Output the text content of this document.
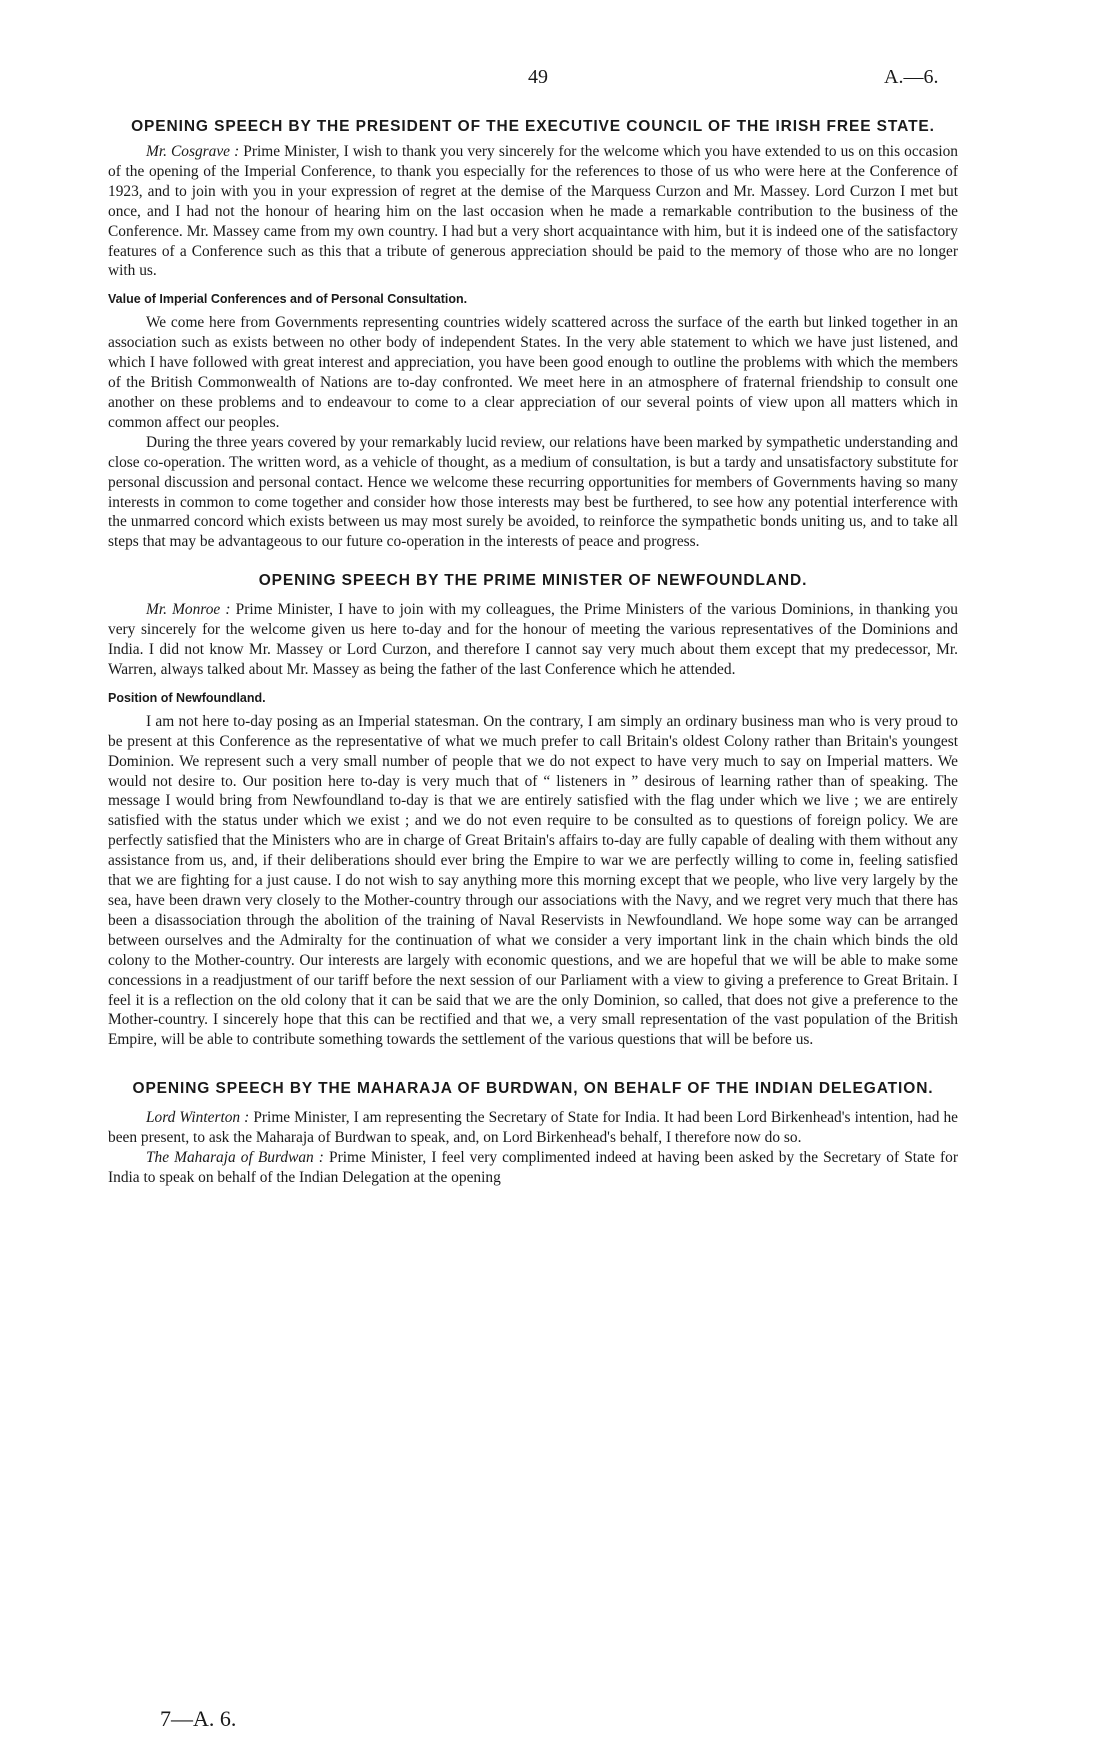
49	A.—6.
OPENING SPEECH BY THE PRESIDENT OF THE EXECUTIVE COUNCIL OF THE IRISH FREE STATE.

Mr. Cosgrave : Prime Minister, I wish to thank you very sincerely for the welcome which you have extended to us on this occasion of the opening of the Imperial Conference, to thank you especially for the references to those of us who were here at the Conference of 1923, and to join with you in your expression of regret at the demise of the Marquess Curzon and Mr. Massey. Lord Curzon I met but once, and I had not the honour of hearing him on the last occasion when he made a remarkable contribution to the business of the Conference. Mr. Massey came from my own country. I had but a very short acquaintance with him, but it is indeed one of the satisfactory features of a Conference such as this that a tribute of generous appreciation should be paid to the memory of those who are no longer with us.

Value of Imperial Conferences and of Personal Consultation.

We come here from Governments representing countries widely scattered across the surface of the earth but linked together in an association such as exists between no other body of independent States. In the very able statement to which we have just listened, and which I have followed with great interest and appreciation, you have been good enough to outline the problems with which the members of the British Commonwealth of Nations are to-day confronted. We meet here in an atmosphere of fraternal friendship to consult one another on these problems and to endeavour to come to a clear appreciation of our several points of view upon all matters which in common affect our peoples.

During the three years covered by your remarkably lucid review, our relations have been marked by sympathetic understanding and close co-operation. The written word, as a vehicle of thought, as a medium of consultation, is but a tardy and unsatisfactory substitute for personal discussion and personal contact. Hence we welcome these recurring opportunities for members of Governments having so many interests in common to come together and consider how those interests may best be furthered, to see how any potential interference with the unmarred concord which exists between us may most surely be avoided, to reinforce the sympathetic bonds uniting us, and to take all steps that may be advantageous to our future co-operation in the interests of peace and progress.

OPENING SPEECH BY THE PRIME MINISTER OF NEWFOUNDLAND.

Mr. Monroe : Prime Minister, I have to join with my colleagues, the Prime Ministers of the various Dominions, in thanking you very sincerely for the welcome given us here to-day and for the honour of meeting the various representatives of the Dominions and India. I did not know Mr. Massey or Lord Curzon, and therefore I cannot say very much about them except that my predecessor, Mr. Warren, always talked about Mr. Massey as being the father of the last Conference which he attended.

Position of Newfoundland.

I am not here to-day posing as an Imperial statesman. On the contrary, I am simply an ordinary business man who is very proud to be present at this Conference as the representative of what we much prefer to call Britain's oldest Colony rather than Britain's youngest Dominion. We represent such a very small number of people that we do not expect to have very much to say on Imperial matters. We would not desire to. Our position here to-day is very much that of “ listeners in ” desirous of learning rather than of speaking. The message I would bring from Newfoundland to-day is that we are entirely satisfied with the flag under which we live ; we are entirely satisfied with the status under which we exist ; and we do not even require to be consulted as to questions of foreign policy. We are perfectly satisfied that the Ministers who are in charge of Great Britain's affairs to-day are fully capable of dealing with them without any assistance from us, and, if their deliberations should ever bring the Empire to war we are perfectly willing to come in, feeling satisfied that we are fighting for a just cause. I do not wish to say anything more this morning except that we people, who live very largely by the sea, have been drawn very closely to the Mother-country through our associations with the Navy, and we regret very much that there has been a disassociation through the abolition of the training of Naval Reservists in Newfoundland. We hope some way can be arranged between ourselves and the Admiralty for the continuation of what we consider a very important link in the chain which binds the old colony to the Mother-country. Our interests are largely with economic questions, and we are hopeful that we will be able to make some concessions in a readjustment of our tariff before the next session of our Parliament with a view to giving a preference to Great Britain. I feel it is a reflection on the old colony that it can be said that we are the only Dominion, so called, that does not give a preference to the Mother-country. I sincerely hope that this can be rectified and that we, a very small representation of the vast population of the British Empire, will be able to contribute something towards the settlement of the various questions that will be before us.

OPENING SPEECH BY THE MAHARAJA OF BURDWAN, ON BEHALF OF THE INDIAN DELEGATION.

Lord Winterton : Prime Minister, I am representing the Secretary of State for India. It had been Lord Birkenhead's intention, had he been present, to ask the Maharaja of Burdwan to speak, and, on Lord Birkenhead's behalf, I therefore now do so.

The Maharaja of Burdwan : Prime Minister, I feel very complimented indeed at having been asked by the Secretary of State for India to speak on behalf of the Indian Delegation at the opening

7—A. 6.
